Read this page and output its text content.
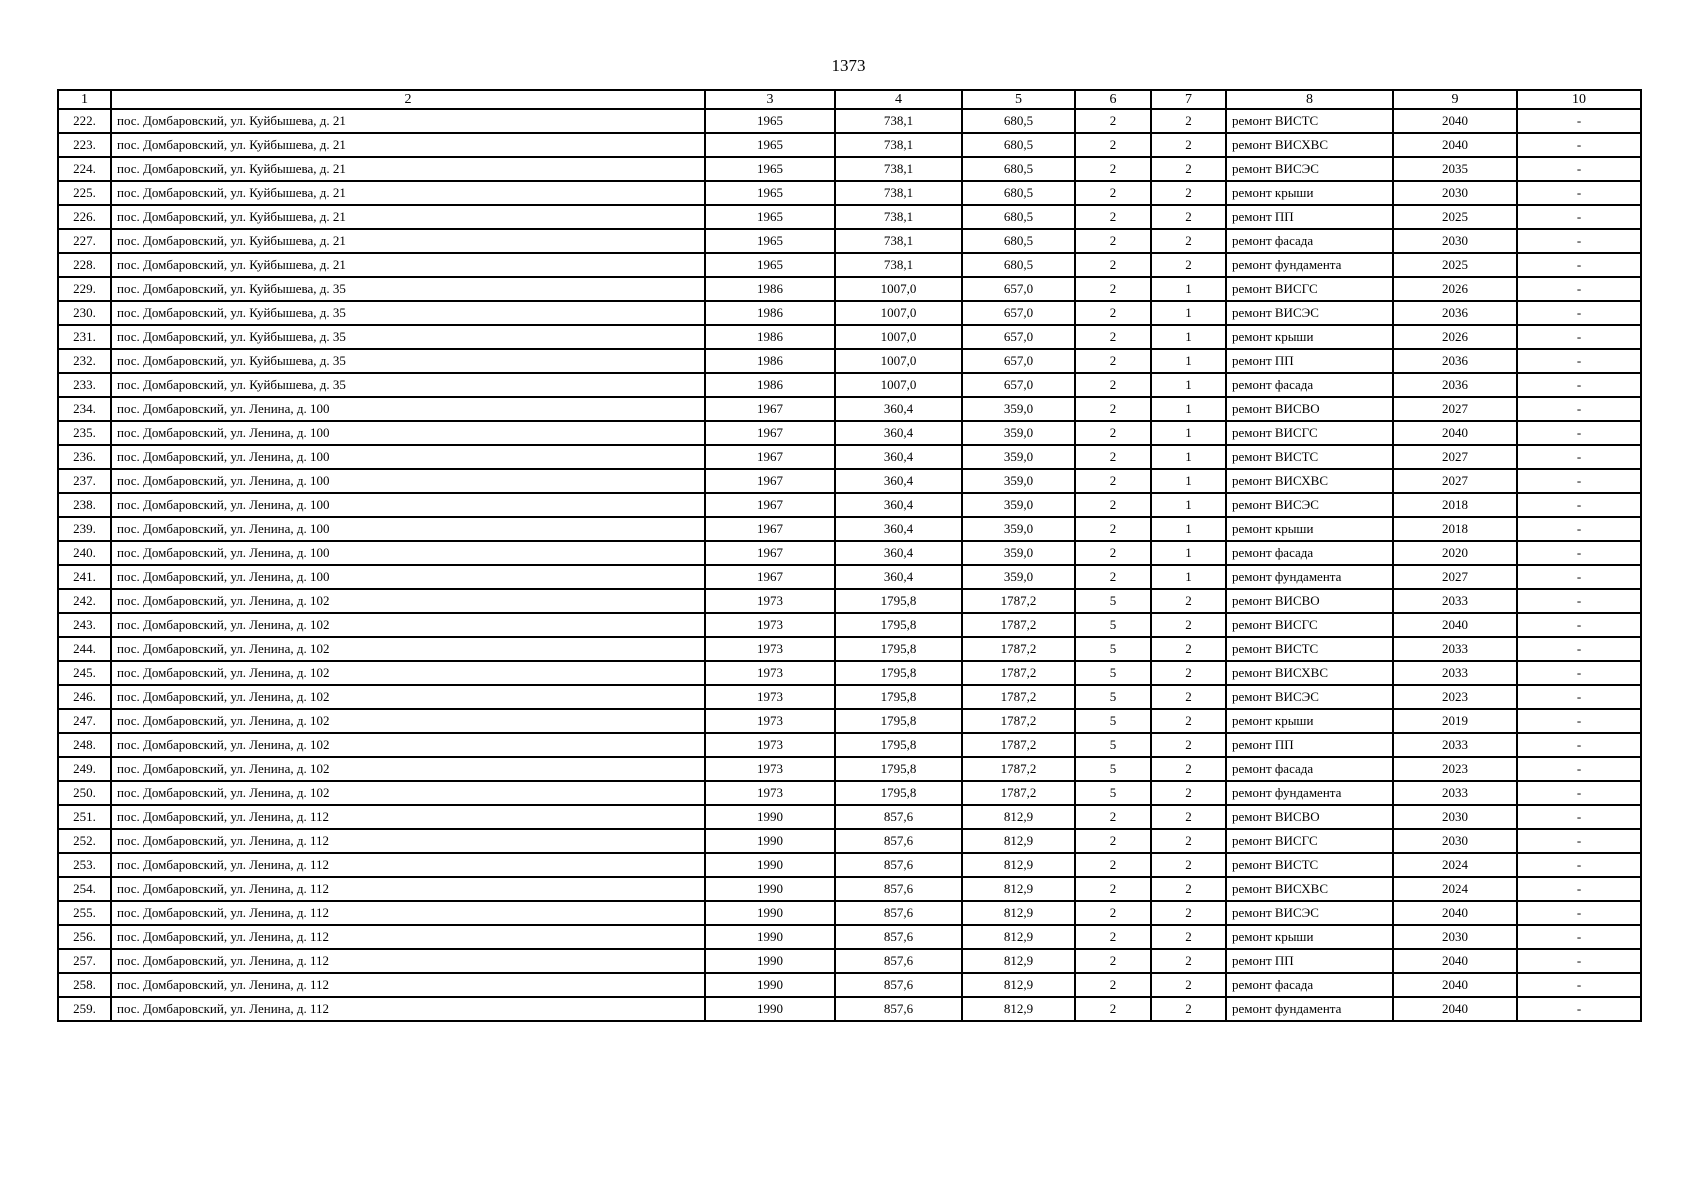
1373
1	2	3	4	5	6	7	8	9	10
222.	пос. Домбаровский, ул. Куйбышева, д. 21	1965	738,1	680,5	2	2	ремонт ВИСТС	2040	-
223.	пос. Домбаровский, ул. Куйбышева, д. 21	1965	738,1	680,5	2	2	ремонт ВИСХВС	2040	-
224.	пос. Домбаровский, ул. Куйбышева, д. 21	1965	738,1	680,5	2	2	ремонт ВИСЭС	2035	-
225.	пос. Домбаровский, ул. Куйбышева, д. 21	1965	738,1	680,5	2	2	ремонт крыши	2030	-
226.	пос. Домбаровский, ул. Куйбышева, д. 21	1965	738,1	680,5	2	2	ремонт ПП	2025	-
227.	пос. Домбаровский, ул. Куйбышева, д. 21	1965	738,1	680,5	2	2	ремонт фасада	2030	-
228.	пос. Домбаровский, ул. Куйбышева, д. 21	1965	738,1	680,5	2	2	ремонт фундамента	2025	-
229.	пос. Домбаровский, ул. Куйбышева, д. 35	1986	1007,0	657,0	2	1	ремонт ВИСГС	2026	-
230.	пос. Домбаровский, ул. Куйбышева, д. 35	1986	1007,0	657,0	2	1	ремонт ВИСЭС	2036	-
231.	пос. Домбаровский, ул. Куйбышева, д. 35	1986	1007,0	657,0	2	1	ремонт крыши	2026	-
232.	пос. Домбаровский, ул. Куйбышева, д. 35	1986	1007,0	657,0	2	1	ремонт ПП	2036	-
233.	пос. Домбаровский, ул. Куйбышева, д. 35	1986	1007,0	657,0	2	1	ремонт фасада	2036	-
234.	пос. Домбаровский, ул. Ленина, д. 100	1967	360,4	359,0	2	1	ремонт ВИСВО	2027	-
235.	пос. Домбаровский, ул. Ленина, д. 100	1967	360,4	359,0	2	1	ремонт ВИСГС	2040	-
236.	пос. Домбаровский, ул. Ленина, д. 100	1967	360,4	359,0	2	1	ремонт ВИСТС	2027	-
237.	пос. Домбаровский, ул. Ленина, д. 100	1967	360,4	359,0	2	1	ремонт ВИСХВС	2027	-
238.	пос. Домбаровский, ул. Ленина, д. 100	1967	360,4	359,0	2	1	ремонт ВИСЭС	2018	-
239.	пос. Домбаровский, ул. Ленина, д. 100	1967	360,4	359,0	2	1	ремонт крыши	2018	-
240.	пос. Домбаровский, ул. Ленина, д. 100	1967	360,4	359,0	2	1	ремонт фасада	2020	-
241.	пос. Домбаровский, ул. Ленина, д. 100	1967	360,4	359,0	2	1	ремонт фундамента	2027	-
242.	пос. Домбаровский, ул. Ленина, д. 102	1973	1795,8	1787,2	5	2	ремонт ВИСВО	2033	-
243.	пос. Домбаровский, ул. Ленина, д. 102	1973	1795,8	1787,2	5	2	ремонт ВИСГС	2040	-
244.	пос. Домбаровский, ул. Ленина, д. 102	1973	1795,8	1787,2	5	2	ремонт ВИСТС	2033	-
245.	пос. Домбаровский, ул. Ленина, д. 102	1973	1795,8	1787,2	5	2	ремонт ВИСХВС	2033	-
246.	пос. Домбаровский, ул. Ленина, д. 102	1973	1795,8	1787,2	5	2	ремонт ВИСЭС	2023	-
247.	пос. Домбаровский, ул. Ленина, д. 102	1973	1795,8	1787,2	5	2	ремонт крыши	2019	-
248.	пос. Домбаровский, ул. Ленина, д. 102	1973	1795,8	1787,2	5	2	ремонт ПП	2033	-
249.	пос. Домбаровский, ул. Ленина, д. 102	1973	1795,8	1787,2	5	2	ремонт фасада	2023	-
250.	пос. Домбаровский, ул. Ленина, д. 102	1973	1795,8	1787,2	5	2	ремонт фундамента	2033	-
251.	пос. Домбаровский, ул. Ленина, д. 112	1990	857,6	812,9	2	2	ремонт ВИСВО	2030	-
252.	пос. Домбаровский, ул. Ленина, д. 112	1990	857,6	812,9	2	2	ремонт ВИСГС	2030	-
253.	пос. Домбаровский, ул. Ленина, д. 112	1990	857,6	812,9	2	2	ремонт ВИСТС	2024	-
254.	пос. Домбаровский, ул. Ленина, д. 112	1990	857,6	812,9	2	2	ремонт ВИСХВС	2024	-
255.	пос. Домбаровский, ул. Ленина, д. 112	1990	857,6	812,9	2	2	ремонт ВИСЭС	2040	-
256.	пос. Домбаровский, ул. Ленина, д. 112	1990	857,6	812,9	2	2	ремонт крыши	2030	-
257.	пос. Домбаровский, ул. Ленина, д. 112	1990	857,6	812,9	2	2	ремонт ПП	2040	-
258.	пос. Домбаровский, ул. Ленина, д. 112	1990	857,6	812,9	2	2	ремонт фасада	2040	-
259.	пос. Домбаровский, ул. Ленина, д. 112	1990	857,6	812,9	2	2	ремонт фундамента	2040	-
